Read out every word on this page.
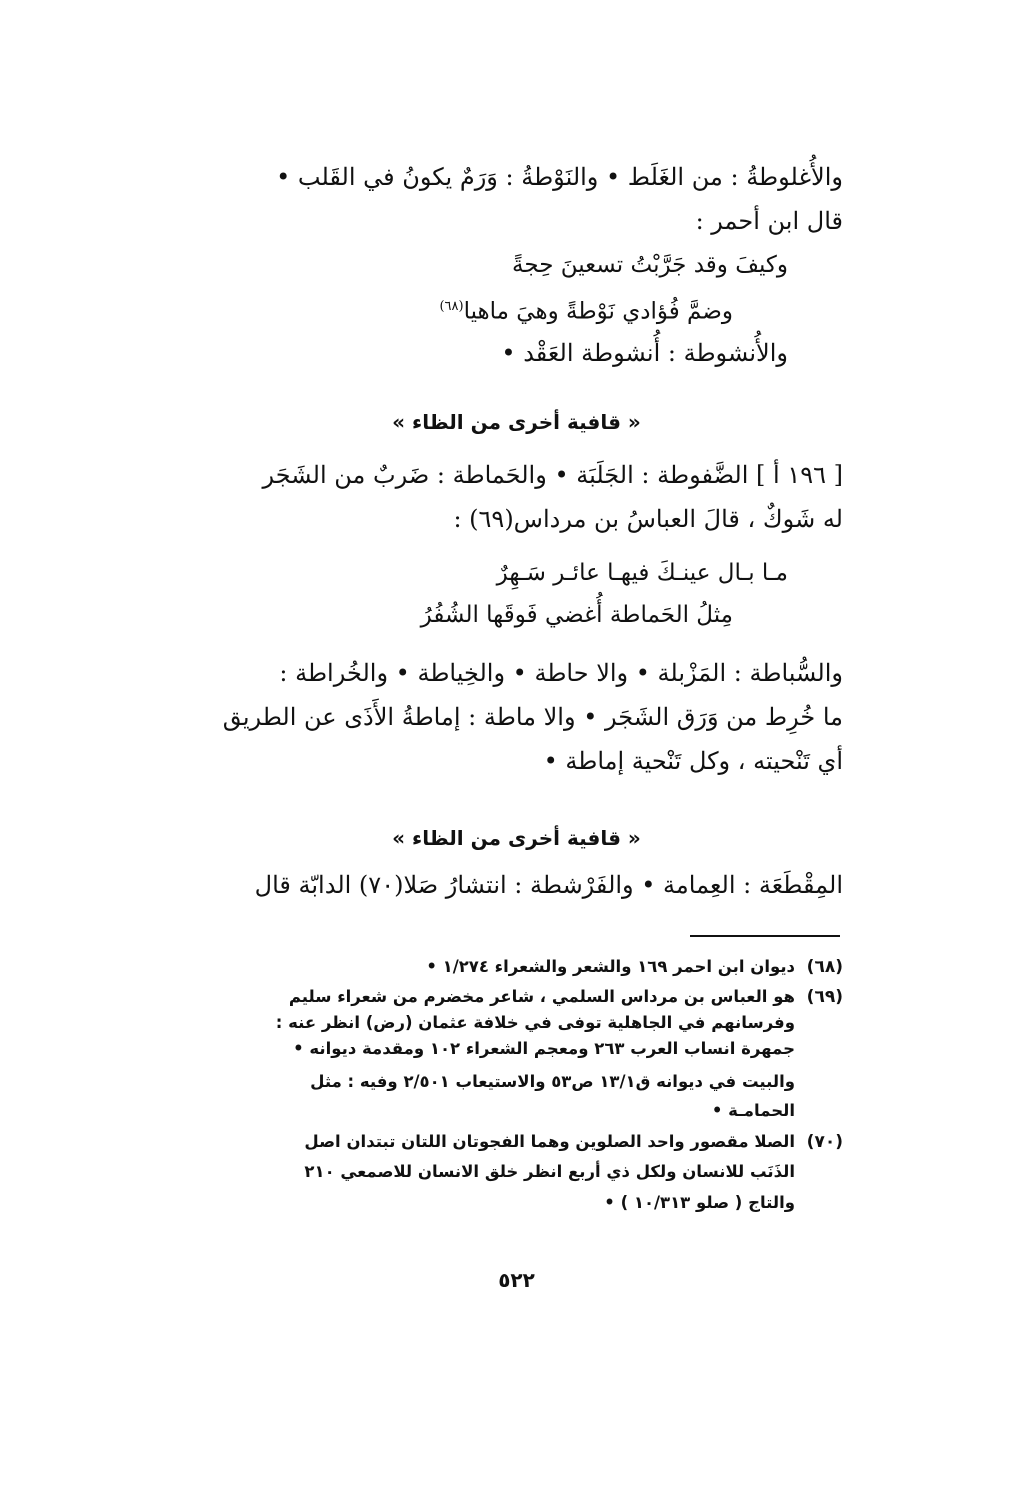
والأُغلوطةُ : من الغَلَط • والنَوْطةُ : وَرَمٌ يكونُ في القَلب •
قال ابن أحمر :
وكيفَ وقد جَرَّبْتُ تسعينَ حِجةً
وضمَّ فُؤادي نَوْطةً وهيَ ماهيا$^{(٦٨)}$
والأُنشوطة : أُنشوطة العَقْد •
« قافية أخرى من الظاء »
[ ١٩٦ أ ] الضَّفوطة : الجَلَبَة • والحَماطة : ضَربٌ من الشَجَر
له شَوكٌ ، قالَ العباسُ بن مرداس(٦٩) :
مـا بـال عينـكَ فيهـا عائـر سَـهِرٌ
مِثلُ الحَماطة أُغضي فَوقَها الشُفُرُ
والسُّباطة : المَزْبلة • والا حاطة • والخِياطة • والخُراطة :
ما خُرِط من وَرَق الشَجَر • والا ماطة : إماطةُ الأَذَى عن الطريق
أي تَنْحيته ، وكل تَنْحية إماطة •
« قافية أخرى من الظاء »
المِقْطَعَة : العِمامة • والفَرْشطة : انتشارُ صَلا(٧٠) الدابّة قال
(٦٨)
ديوان ابن احمر ١٦٩ والشعر والشعراء ١/٢٧٤ •
(٦٩)
هو العباس بن مرداس السلمي ، شاعر مخضرم من شعراء سليم
وفرسانهم في الجاهلية توفى في خلافة عثمان (رض) انظر عنه :
جمهرة انساب العرب ٢٦٣ ومعجم الشعراء ١٠٢ ومقدمة ديوانه •
والبيت في ديوانه ق١٣/١ ص٥٣ والاستيعاب ٢/٥٠١ وفيه : مثل
الحمامـة •
(٧٠)
الصلا مقصور واحد الصلوين وهما الفجوتان اللتان تبتدان اصل
الذَنَب للانسان ولكل ذي أربع انظر خلق الانسان للاصمعي ٢١٠
والتاج ( صلو ١٠/٣١٣ ) •
٥٢٢
